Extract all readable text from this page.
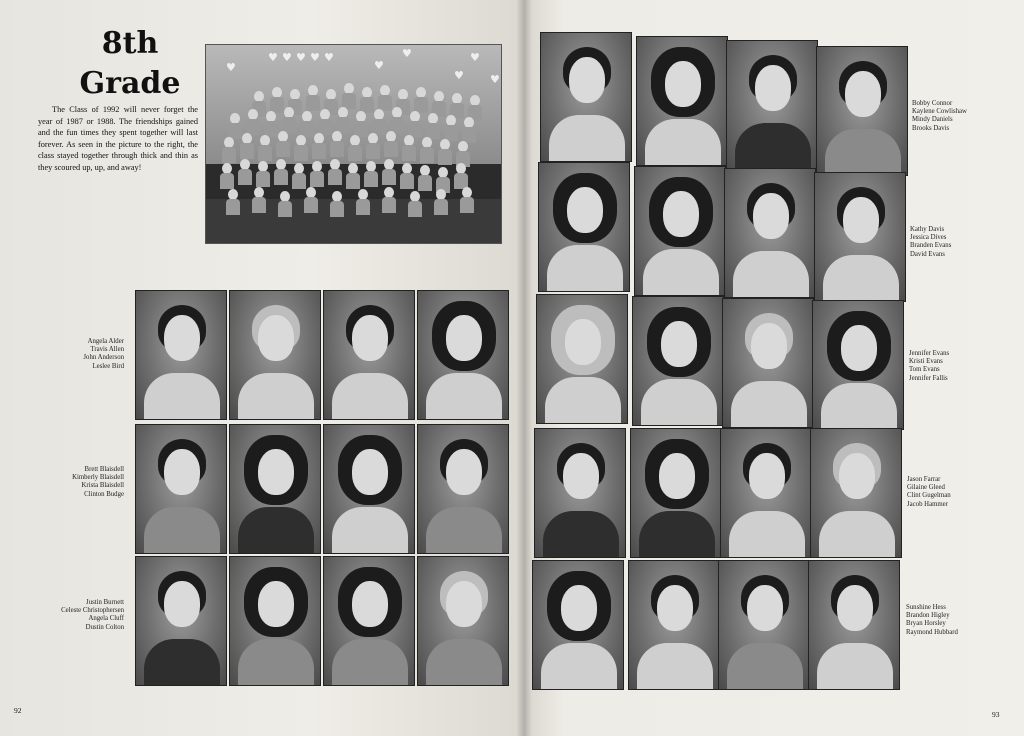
8th
Grade

The Class of 1992 will never forget the year of 1987 or 1988. The friendships gained and the fun times they spent together will last forever. As seen in the picture to the right, the class stayed together through thick and thin as they scoured up, up, and away!

♥ ♥ ♥ ♥ ♥	♥
♥
♥
♥ ♥
♥
Angela Alder
Travis Allen
John Anderson
Leslee Bird
Brett Blaisdell
Kimberly Blaisdell
Krista Blaisdell
Clinton Budge
Justin Burnett
Celeste Christophersen
Angela Cluff
Dustin Colton
92
Bobby Connor
Kaylene Cowlishaw
Mindy Daniels
Brooks Davis
Kathy Davis
Jessica Dives
Branden Evans
David Evans
Jennifer Evans
Kristi Evans
Tom Evans
Jennifer Fallis
Jason Farrar
Gilaine Gleed
Clint Gugelman
Jacob Hammer
Sunshine Hess
Brandon Higley
Bryan Horsley
Raymond Hubbard
93
